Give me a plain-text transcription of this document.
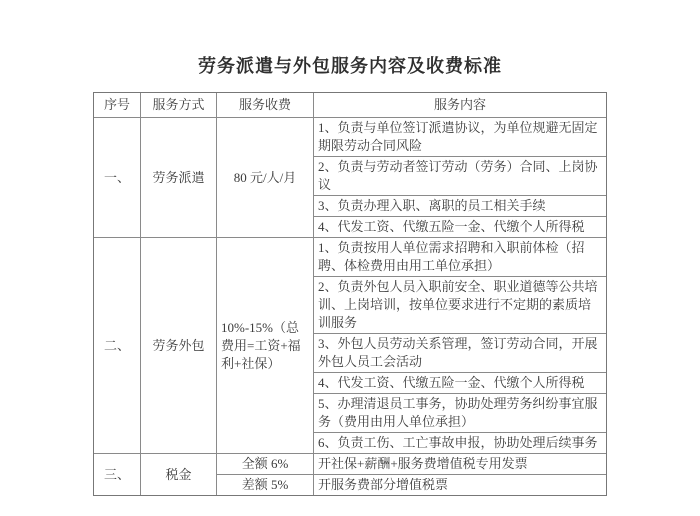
劳务派遣与外包服务内容及收费标准
序号	服务方式	服务收费	服务内容
一、	劳务派遣	80 元/人/月	1、负责与单位签订派遣协议，为单位规避无固定期限劳动合同风险
			2、负责与劳动者签订劳动（劳务）合同、上岗协议
			3、负责办理入职、离职的员工相关手续
			4、代发工资、代缴五险一金、代缴个人所得税
二、	劳务外包	10%-15%（总费用=工资+福利+社保）	1、负责按用人单位需求招聘和入职前体检（招聘、体检费用由用工单位承担）
			2、负责外包人员入职前安全、职业道德等公共培训、上岗培训，按单位要求进行不定期的素质培训服务
			3、外包人员劳动关系管理，签订劳动合同，开展外包人员工会活动
			4、代发工资、代缴五险一金、代缴个人所得税
			5、办理清退员工事务，协助处理劳务纠纷事宜服务（费用由用人单位承担）
			6、负责工伤、工亡事故申报，协助处理后续事务
三、	税金	全额 6%	开社保+薪酬+服务费增值税专用发票
		差额 5%	开服务费部分增值税票
